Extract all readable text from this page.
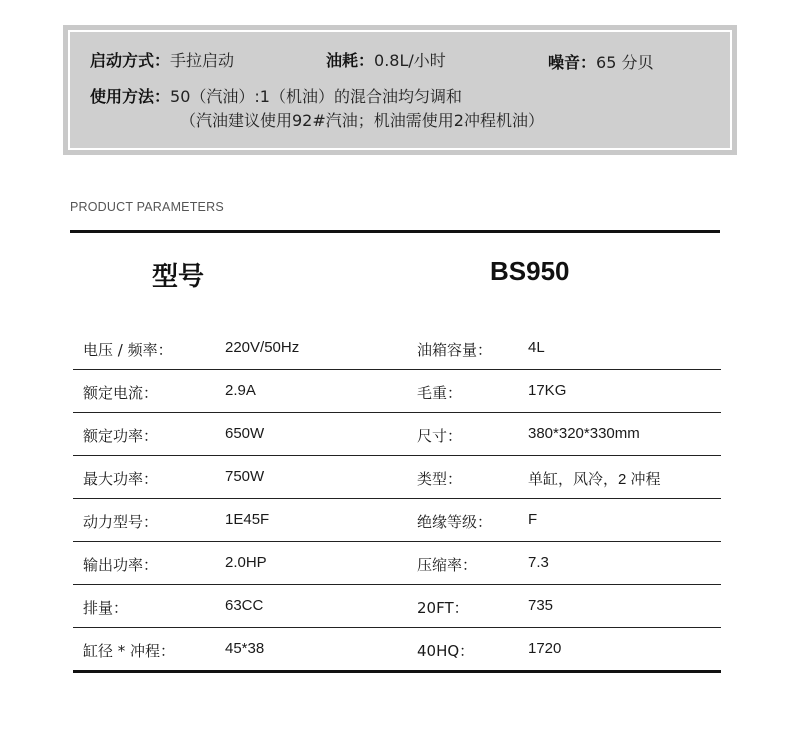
启动方式：手拉启动	油耗：0.8L/小时	噪音：65 分贝
使用方法：50（汽油）:1（机油）的混合油均匀调和
（汽油建议使用92#汽油；机油需使用2冲程机油）
PRODUCT PARAMETERS
型号	BS950
电压 / 频率：	220V/50Hz	油箱容量： 4L
额定电流：	2.9A	毛重：	17KG
额定功率：	650W	尺寸：	380*320*330mm
最大功率：	750W	类型：	单缸，风冷，2 冲程
动力型号：	1E45F	绝缘等级： F
输出功率：	2.0HP	压缩率：	7.3
排量：	63CC	20FT：	735
缸径 * 冲程：	45*38	40HQ：	1720
